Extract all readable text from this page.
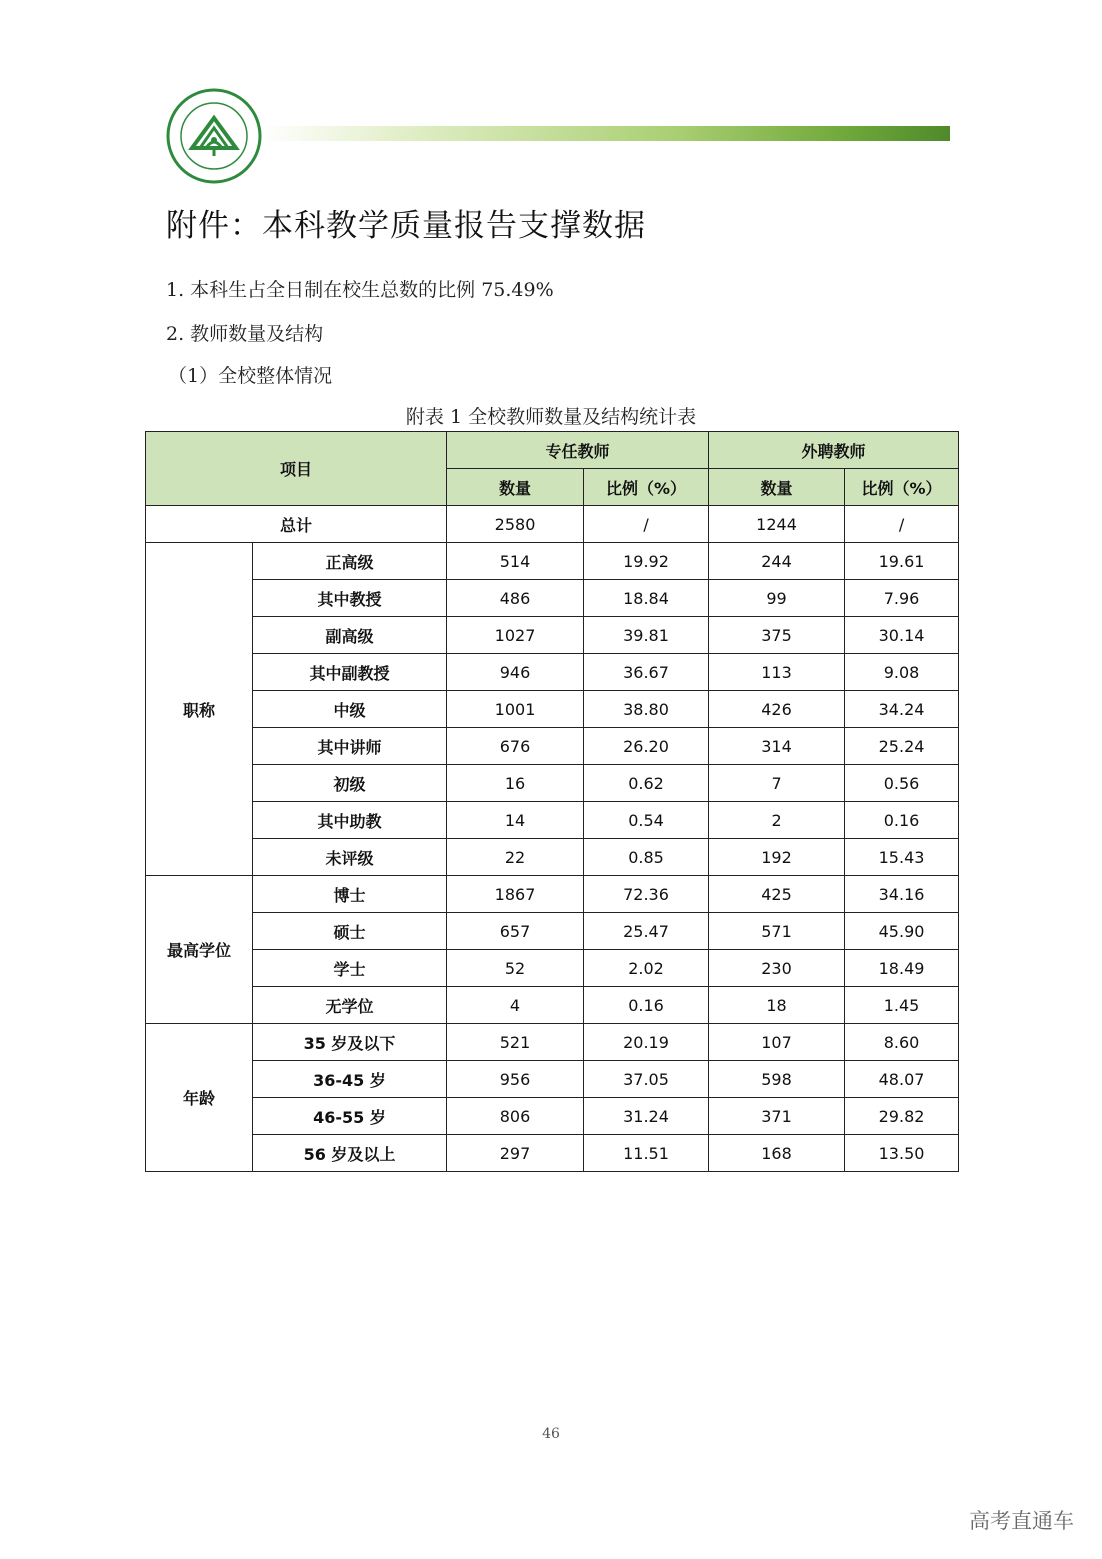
附件：本科教学质量报告支撑数据
1. 本科生占全日制在校生总数的比例 75.49%
2. 教师数量及结构
（1）全校整体情况
附表 1 全校教师数量及结构统计表
项目		专任教师		外聘教师	
		数量	比例（%）	数量	比例（%）
总计		2580	/	1244	/
职称	正高级	514	19.92	244	19.61
	其中教授	486	18.84	99	7.96
	副高级	1027	39.81	375	30.14
	其中副教授	946	36.67	113	9.08
	中级	1001	38.80	426	34.24
	其中讲师	676	26.20	314	25.24
	初级	16	0.62	7	0.56
	其中助教	14	0.54	2	0.16
	未评级	22	0.85	192	15.43
最高学位	博士	1867	72.36	425	34.16
	硕士	657	25.47	571	45.90
	学士	52	2.02	230	18.49
	无学位	4	0.16	18	1.45
年龄	35 岁及以下	521	20.19	107	8.60
	36-45 岁	956	37.05	598	48.07
	46-55 岁	806	31.24	371	29.82
	56 岁及以上	297	11.51	168	13.50
46
高考直通车
